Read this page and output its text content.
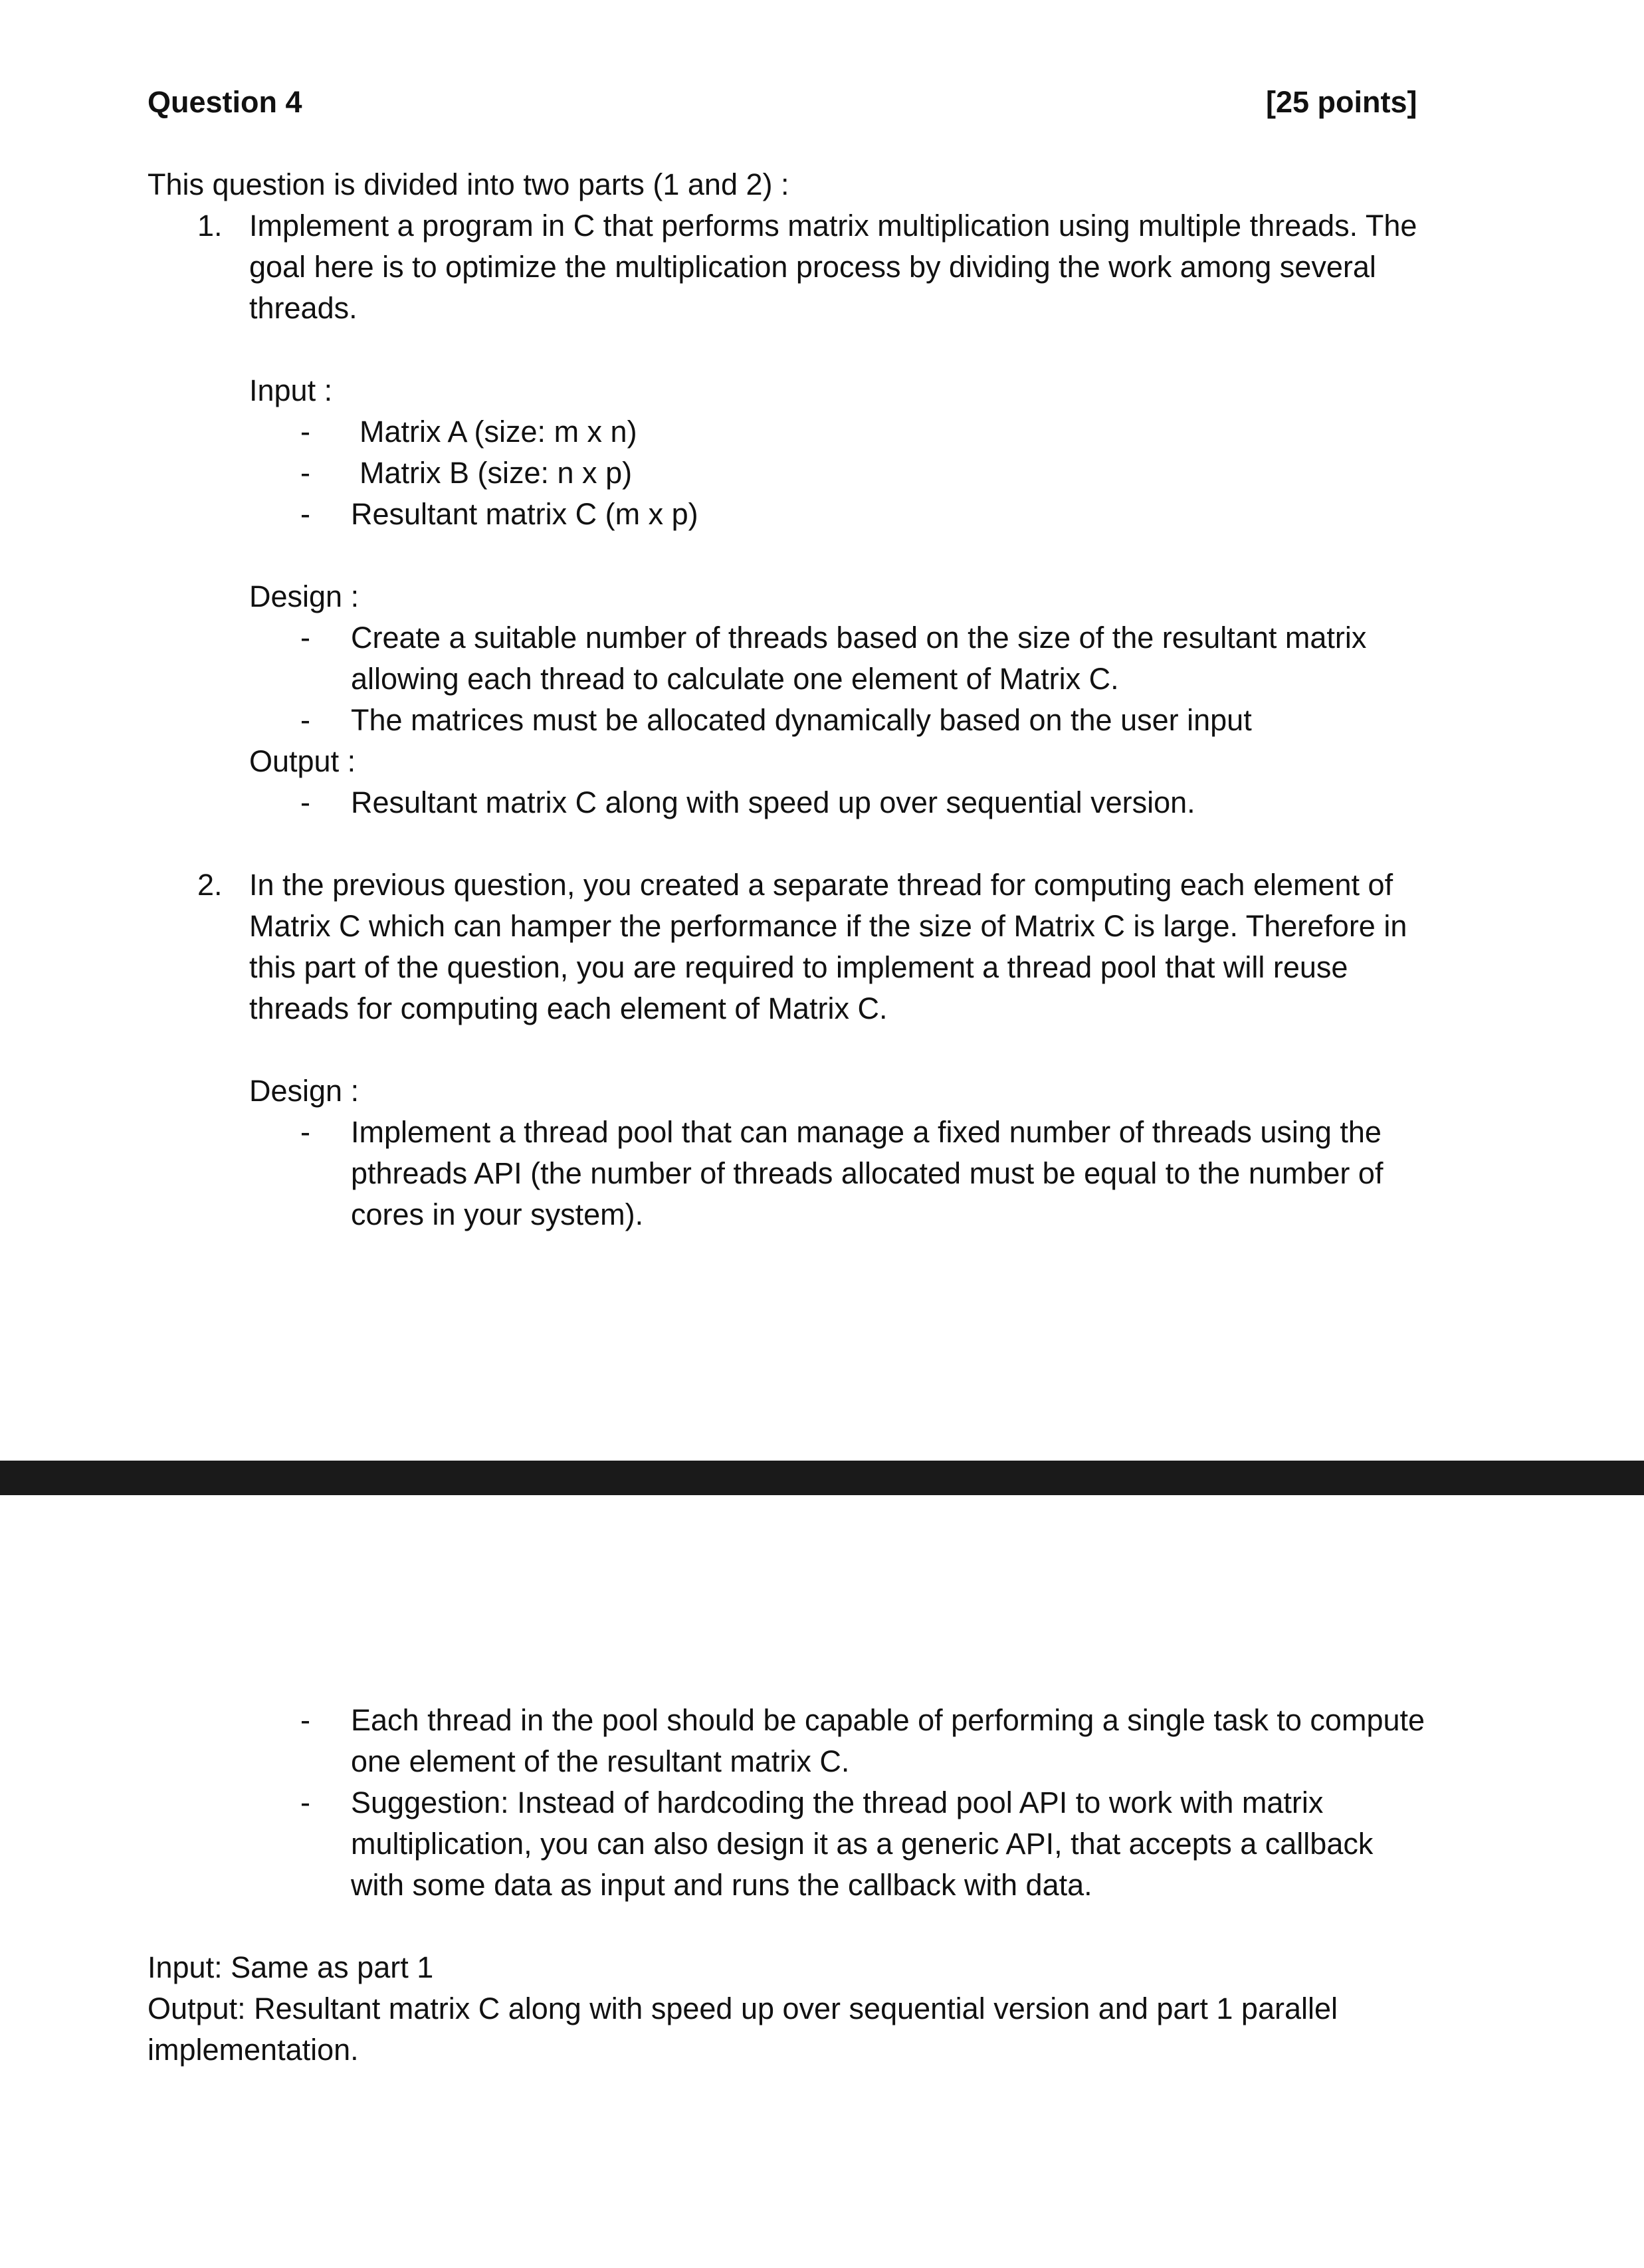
Question 4	[25 points]
This question is divided into two parts (1 and 2) :
1. Implement a program in C that performs matrix multiplication using multiple threads. The
goal here is to optimize the multiplication process by dividing the work among several
threads.
Input :
- Matrix A (size: m x n)
- Matrix B (size: n x p)
- Resultant matrix C (m x p)
Design :
- Create a suitable number of threads based on the size of the resultant matrix
allowing each thread to calculate one element of Matrix C.
- The matrices must be allocated dynamically based on the user input
Output :
- Resultant matrix C along with speed up over sequential version.
2. In the previous question, you created a separate thread for computing each element of
Matrix C which can hamper the performance if the size of Matrix C is large. Therefore in
this part of the question, you are required to implement a thread pool that will reuse
threads for computing each element of Matrix C.
Design :
- Implement a thread pool that can manage a fixed number of threads using the
pthreads API (the number of threads allocated must be equal to the number of
cores in your system).
- Each thread in the pool should be capable of performing a single task to compute
one element of the resultant matrix C.
- Suggestion: Instead of hardcoding the thread pool API to work with matrix
multiplication, you can also design it as a generic API, that accepts a callback
with some data as input and runs the callback with data.
Input: Same as part 1
Output: Resultant matrix C along with speed up over sequential version and part 1 parallel
implementation.
